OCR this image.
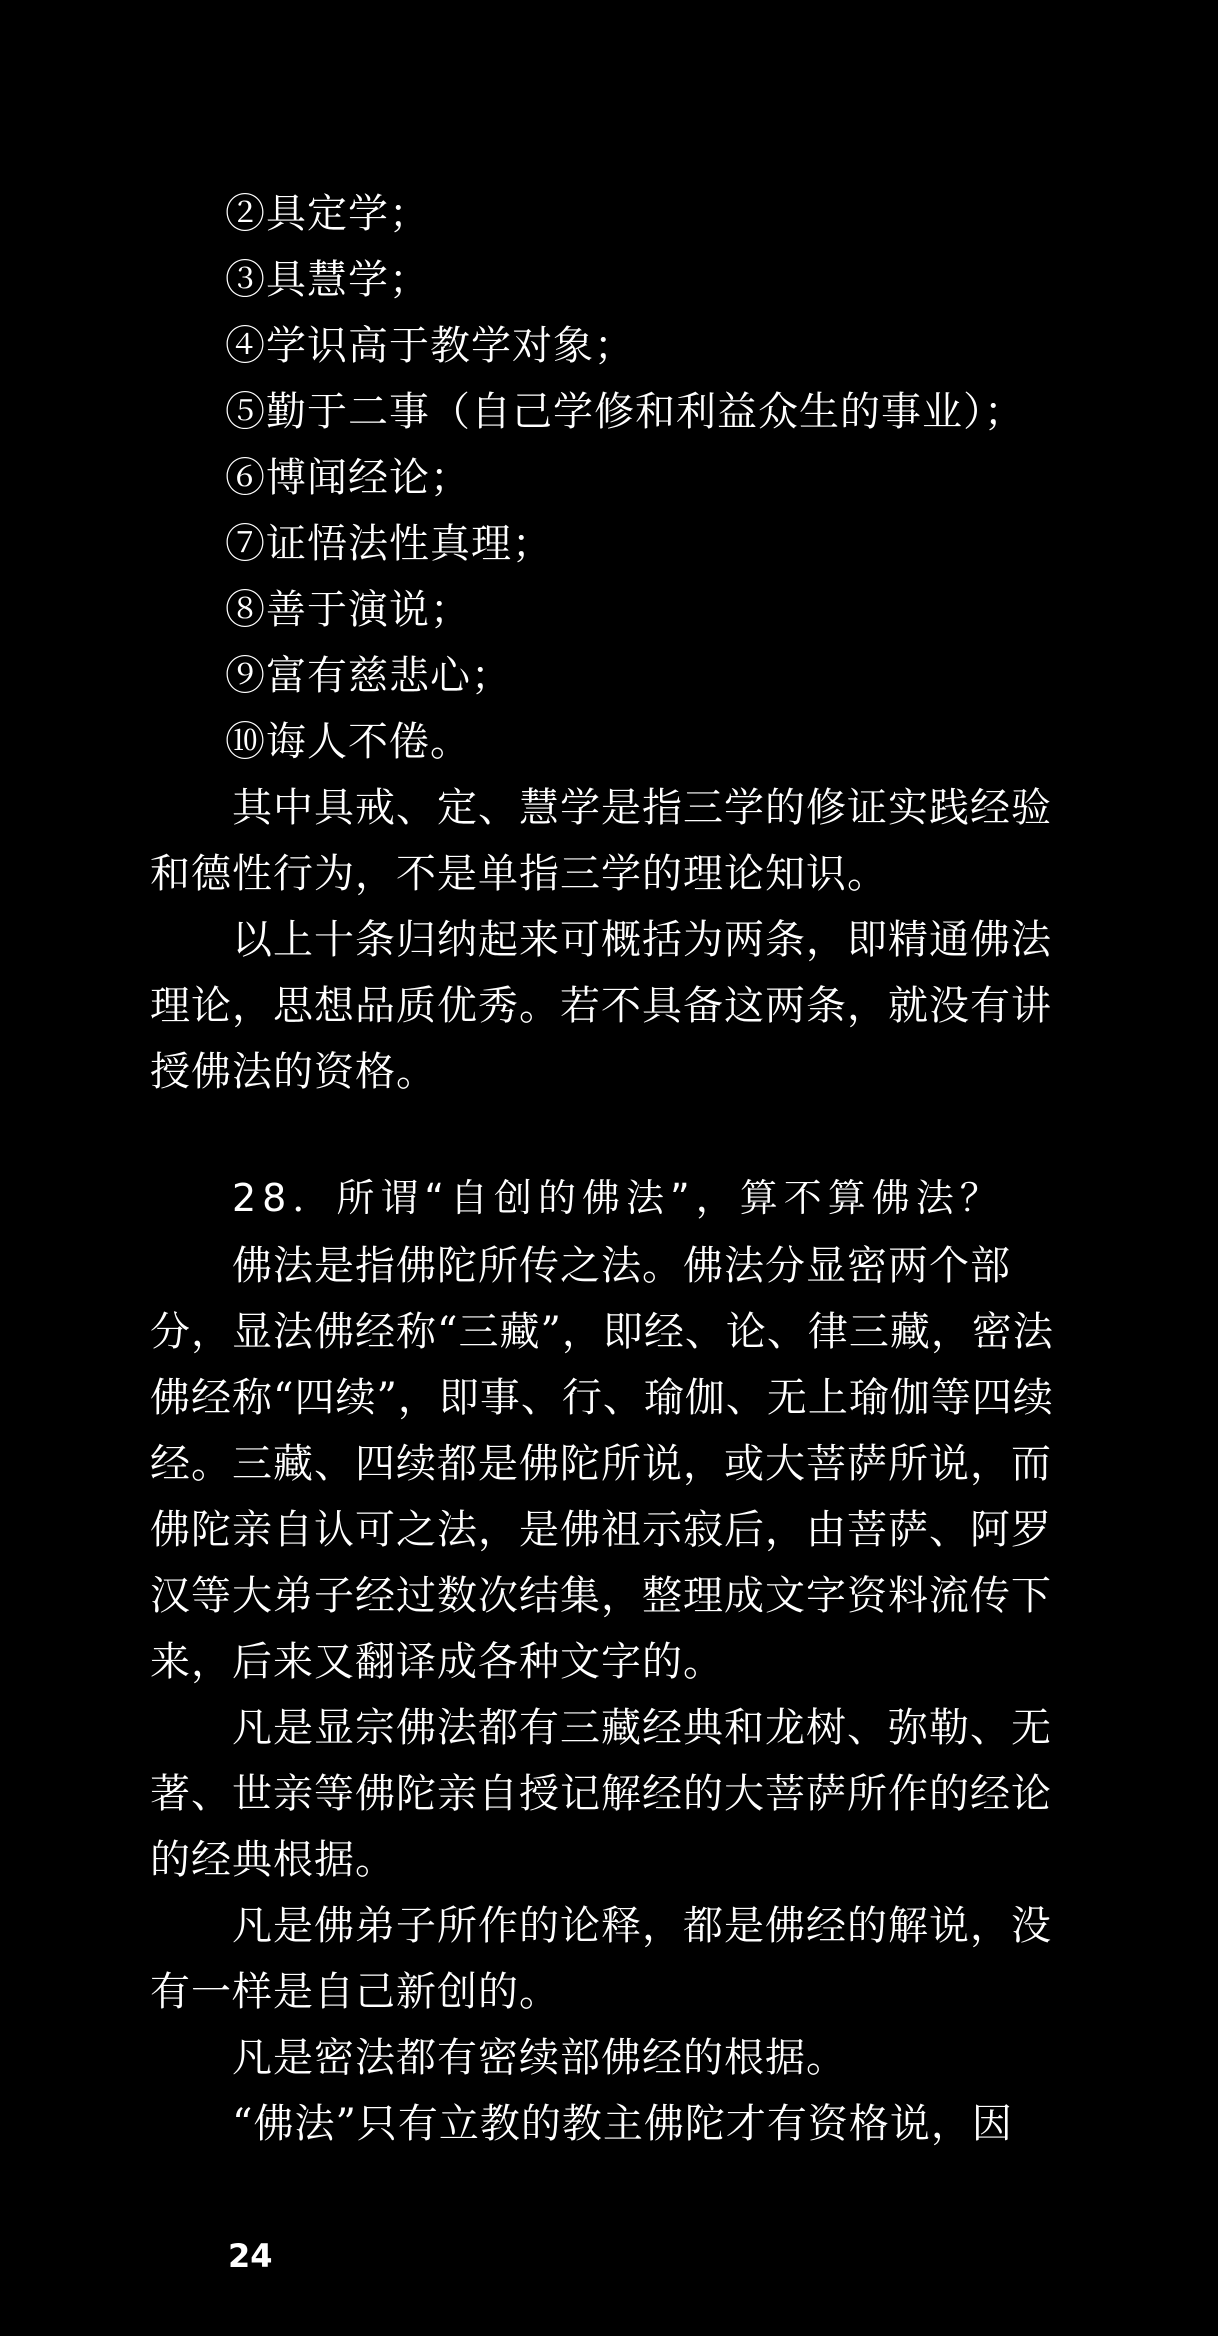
②具定学；
③具慧学；
④学识高于教学对象；
⑤勤于二事（自己学修和利益众生的事业）；
⑥博闻经论；
⑦证悟法性真理；
⑧善于演说；
⑨富有慈悲心；
⑩诲人不倦。
其中具戒、定、慧学是指三学的修证实践经验
和德性行为，不是单指三学的理论知识。
以上十条归纳起来可概括为两条，即精通佛法
理论，思想品质优秀。若不具备这两条，就没有讲
授佛法的资格。
28．所谓“自创的佛法”，算不算佛法？
佛法是指佛陀所传之法。佛法分显密两个部
分，显法佛经称“三藏”，即经、论、律三藏，密法
佛经称“四续”，即事、行、瑜伽、无上瑜伽等四续
经。三藏、四续都是佛陀所说，或大菩萨所说，而
佛陀亲自认可之法，是佛祖示寂后，由菩萨、阿罗
汉等大弟子经过数次结集，整理成文字资料流传下
来，后来又翻译成各种文字的。
凡是显宗佛法都有三藏经典和龙树、弥勒、无
著、世亲等佛陀亲自授记解经的大菩萨所作的经论
的经典根据。
凡是佛弟子所作的论释，都是佛经的解说，没
有一样是自己新创的。
凡是密法都有密续部佛经的根据。
“佛法”只有立教的教主佛陀才有资格说，因
24
